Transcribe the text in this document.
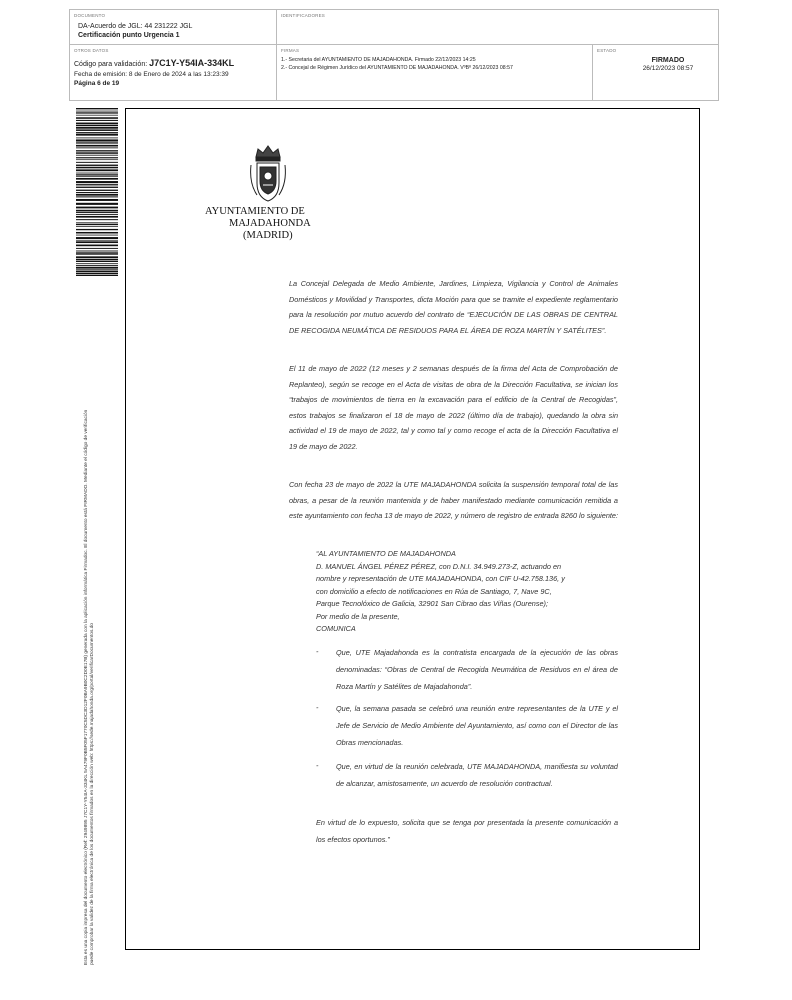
DOCUMENTO
DA-Acuerdo de JGL: 44 231222 JGL
Certificación punto Urgencia 1
IDENTIFICADORES
OTROS DATOS
Código para validación: J7C1Y-Y54IA-334KL
Fecha de emisión: 8 de Enero de 2024 a las 13:23:39
Página 6 de 19
FIRMAS
1.- Secretaria del AYUNTAMIENTO DE MAJADAHONDA. Firmado 22/12/2023 14:25
2.- Concejal de Régimen Jurídico del AYUNTAMIENTO DE MAJADAHONDA. VºBº 26/12/2023 08:57
ESTADO
FIRMADO
26/12/2023 08:57
Esta es una copia impresa del documento electrónico (Ref: 2949895 J7C1Y-Y54IA-334KL 5A479F0B5F05F1770C5DC3D12F0BA9B0C2D0E17B) generada con la aplicación informática Firmadoc. El documento está FIRMADO. Mediante el código de verificación puede comprobar la validez de la firma electrónica de los documentos firmados en la dirección web: https://sede.majadahonda.org/portal/verificarDocumentos.do
AYUNTAMIENTO DE
MAJADAHONDA
(MADRID)

La Concejal Delegada de Medio Ambiente, Jardines, Limpieza, Vigilancia y Control de Animales Domésticos y Movilidad y Transportes, dicta Moción para que se tramite el expediente reglamentario para la resolución por mutuo acuerdo del contrato de “EJECUCIÓN DE LAS OBRAS DE CENTRAL DE RECOGIDA NEUMÁTICA DE RESIDUOS PARA EL ÁREA DE ROZA MARTÍN Y SATÉLITES”.

El 11 de mayo de 2022 (12 meses y 2 semanas después de la firma del Acta de Comprobación de Replanteo), según se recoge en el Acta de visitas de obra de la Dirección Facultativa, se inician los “trabajos de movimientos de tierra en la excavación para el edificio de la Central de Recogidas”, estos trabajos se finalizaron el 18 de mayo de 2022 (último día de trabajo), quedando la obra sin actividad el 19 de mayo de 2022, tal y como tal y como recoge el acta de la Dirección Facultativa el 19 de mayo de 2022.

Con fecha 23 de mayo de 2022 la UTE MAJADAHONDA solicita la suspensión temporal total de las obras, a pesar de la reunión mantenida y de haber manifestado mediante comunicación remitida a este ayuntamiento con fecha 13 de mayo de 2022, y número de registro de entrada 8260 lo siguiente:

“AL AYUNTAMIENTO DE MAJADAHONDA
D. MANUEL ÁNGEL PÉREZ PÉREZ, con D.N.I. 34.949.273-Z, actuando en
nombre y representación de UTE MAJADAHONDA, con CIF U-42.758.136, y
con domicilio a efecto de notificaciones en Rúa de Santiago, 7, Nave 9C,
Parque Tecnolóxico de Galicia, 32901 San Cibrao das Viñas (Ourense);
Por medio de la presente,
COMUNICA
- Que, UTE Majadahonda es la contratista encargada de la ejecución de las obras denominadas: “Obras de Central de Recogida Neumática de Residuos en el área de Roza Martín y Satélites de Majadahonda”.

- Que, la semana pasada se celebró una reunión entre representantes de la UTE y el Jefe de Servicio de Medio Ambiente del Ayuntamiento, así como con el Director de las Obras mencionadas.

- Que, en virtud de la reunión celebrada, UTE MAJADAHONDA, manifiesta su voluntad de alcanzar, amistosamente, un acuerdo de resolución contractual.

En virtud de lo expuesto, solicita que se tenga por presentada la presente comunicación a los efectos oportunos.”
